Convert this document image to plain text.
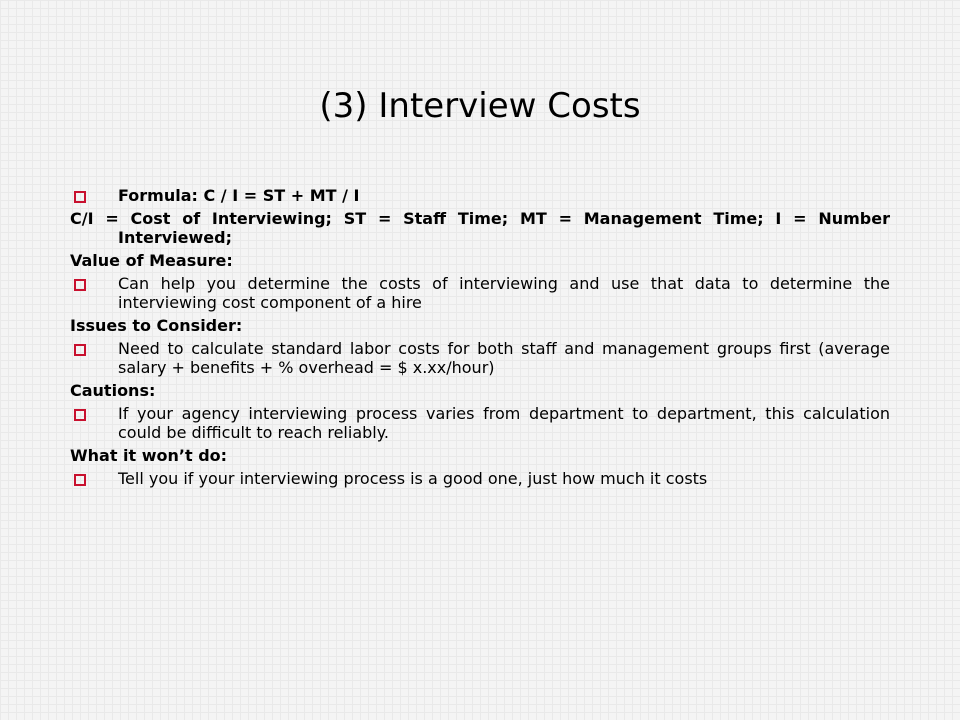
(3) Interview Costs
Formula: C / I = ST + MT / I
C/I = Cost of Interviewing; ST = Staff Time; MT = Management Time; I = Number Interviewed;
Value of Measure:
Can help you determine the costs of interviewing and use that data to determine the interviewing cost component of a hire
Issues to Consider:
Need to calculate standard labor costs for both staff and management groups first (average salary + benefits + % overhead = $ x.xx/hour)
Cautions:
If your agency interviewing process varies from department to department, this calculation could be difficult to reach reliably.
What it won’t do:
Tell you if your interviewing process is a good one, just how much it costs
